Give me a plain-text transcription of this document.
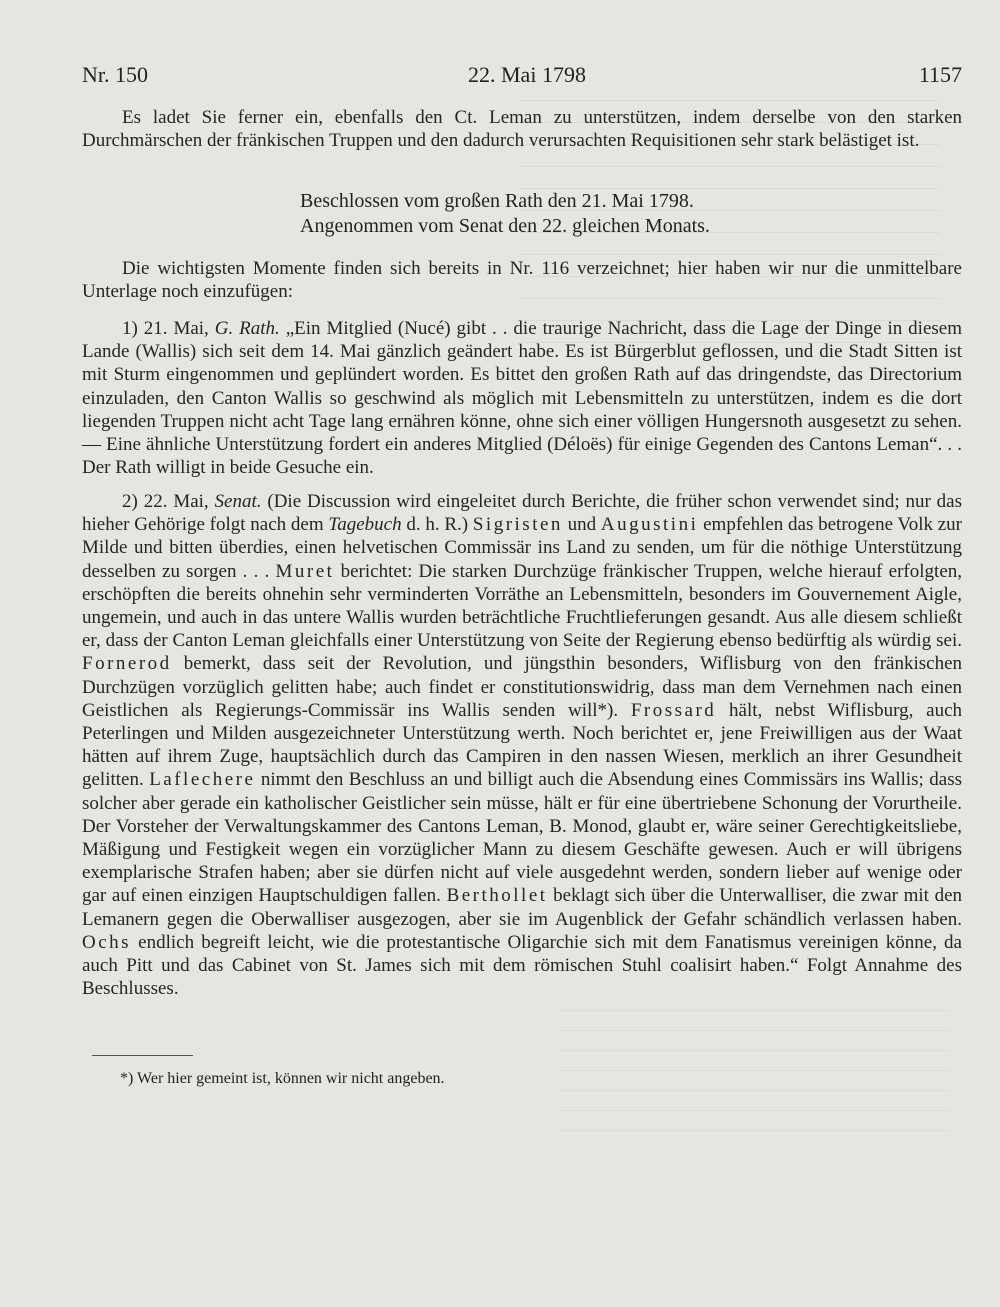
Nr. 150	22. Mai 1798	1157
Es ladet Sie ferner ein, ebenfalls den Ct. Leman zu unterstützen, indem derselbe von den starken Durchmärschen der fränkischen Truppen und den dadurch verursachten Requisitionen sehr stark belästiget ist.
Beschlossen vom großen Rath den 21. Mai 1798.
Angenommen vom Senat den 22. gleichen Monats.
Die wichtigsten Momente finden sich bereits in Nr. 116 verzeichnet; hier haben wir nur die unmittelbare Unterlage noch einzufügen:
1) 21. Mai, G. Rath. „Ein Mitglied (Nucé) gibt . . die traurige Nachricht, dass die Lage der Dinge in diesem Lande (Wallis) sich seit dem 14. Mai gänzlich geändert habe. Es ist Bürgerblut geflossen, und die Stadt Sitten ist mit Sturm eingenommen und geplündert worden. Es bittet den großen Rath auf das dringendste, das Directorium einzuladen, den Canton Wallis so geschwind als möglich mit Lebensmitteln zu unterstützen, indem es die dort liegenden Truppen nicht acht Tage lang ernähren könne, ohne sich einer völligen Hungersnoth ausgesetzt zu sehen. — Eine ähnliche Unterstützung fordert ein anderes Mitglied (Déloës) für einige Gegenden des Cantons Leman“. . . Der Rath willigt in beide Gesuche ein.
2) 22. Mai, Senat. (Die Discussion wird eingeleitet durch Berichte, die früher schon verwendet sind; nur das hieher Gehörige folgt nach dem Tagebuch d. h. R.) Sigristen und Augustini empfehlen das betrogene Volk zur Milde und bitten überdies, einen helvetischen Commissär ins Land zu senden, um für die nöthige Unterstützung desselben zu sorgen . . . Muret berichtet: Die starken Durchzüge fränkischer Truppen, welche hierauf erfolgten, erschöpften die bereits ohnehin sehr verminderten Vorräthe an Lebensmitteln, besonders im Gouvernement Aigle, ungemein, und auch in das untere Wallis wurden beträchtliche Fruchtlieferungen gesandt. Aus alle diesem schließt er, dass der Canton Leman gleichfalls einer Unterstützung von Seite der Regierung ebenso bedürftig als würdig sei. Fornerod bemerkt, dass seit der Revolution, und jüngsthin besonders, Wiflisburg von den fränkischen Durchzügen vorzüglich gelitten habe; auch findet er constitutionswidrig, dass man dem Vernehmen nach einen Geistlichen als Regierungs-Commissär ins Wallis senden will*). Frossard hält, nebst Wiflisburg, auch Peterlingen und Milden ausgezeichneter Unterstützung werth. Noch berichtet er, jene Freiwilligen aus der Waat hätten auf ihrem Zuge, hauptsächlich durch das Campiren in den nassen Wiesen, merklich an ihrer Gesundheit gelitten. Laflechere nimmt den Beschluss an und billigt auch die Absendung eines Commissärs ins Wallis; dass solcher aber gerade ein katholischer Geistlicher sein müsse, hält er für eine übertriebene Schonung der Vorurtheile. Der Vorsteher der Verwaltungskammer des Cantons Leman, B. Monod, glaubt er, wäre seiner Gerechtigkeitsliebe, Mäßigung und Festigkeit wegen ein vorzüglicher Mann zu diesem Geschäfte gewesen. Auch er will übrigens exemplarische Strafen haben; aber sie dürfen nicht auf viele ausgedehnt werden, sondern lieber auf wenige oder gar auf einen einzigen Hauptschuldigen fallen. Berthollet beklagt sich über die Unterwalliser, die zwar mit den Lemanern gegen die Oberwalliser ausgezogen, aber sie im Augenblick der Gefahr schändlich verlassen haben. Ochs endlich begreift leicht, wie die protestantische Oligarchie sich mit dem Fanatismus vereinigen könne, da auch Pitt und das Cabinet von St. James sich mit dem römischen Stuhl coalisirt haben.“ Folgt Annahme des Beschlusses.
*) Wer hier gemeint ist, können wir nicht angeben.
